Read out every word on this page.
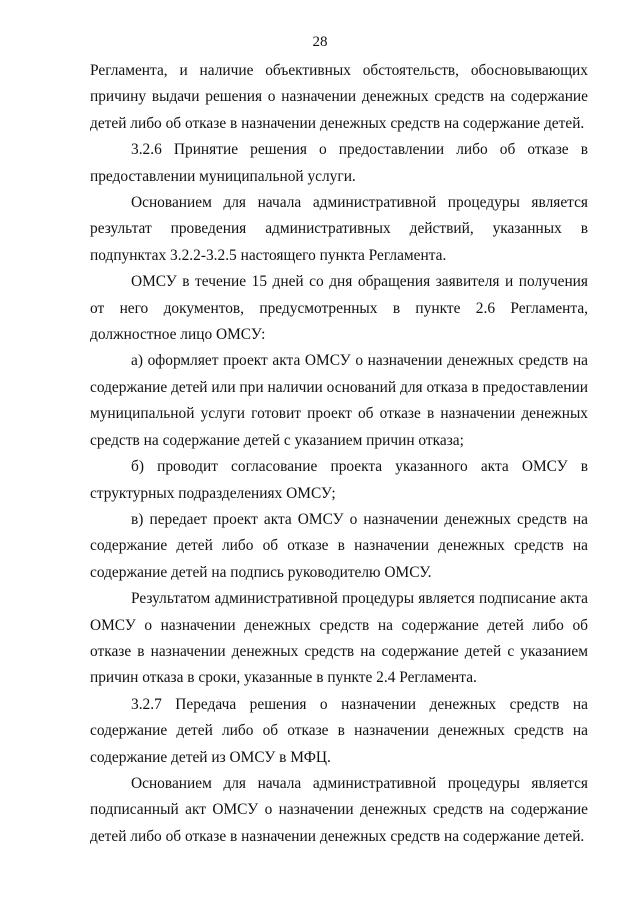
28

Регламента, и наличие объективных обстоятельств, обосновывающих причину выдачи решения о назначении денежных средств на содержание детей либо об отказе в назначении денежных средств на содержание детей.

3.2.6 Принятие решения о предоставлении либо об отказе в предоставлении муниципальной услуги.

Основанием для начала административной процедуры является результат проведения административных действий, указанных в подпунктах 3.2.2-3.2.5 настоящего пункта Регламента.

ОМСУ в течение 15 дней со дня обращения заявителя и получения от него документов, предусмотренных в пункте 2.6 Регламента, должностное лицо ОМСУ:

а) оформляет проект акта ОМСУ о назначении денежных средств на содержание детей или при наличии оснований для отказа в предоставлении муниципальной услуги готовит проект об отказе в назначении денежных средств на содержание детей с указанием причин отказа;

б) проводит согласование проекта указанного акта ОМСУ в структурных подразделениях ОМСУ;

в) передает проект акта ОМСУ о назначении денежных средств на содержание детей либо об отказе в назначении денежных средств на содержание детей на подпись руководителю ОМСУ.

Результатом административной процедуры является подписание акта ОМСУ о назначении денежных средств на содержание детей либо об отказе в назначении денежных средств на содержание детей с указанием причин отказа в сроки, указанные в пункте 2.4 Регламента.

3.2.7 Передача решения о назначении денежных средств на содержание детей либо об отказе в назначении денежных средств на содержание детей из ОМСУ в МФЦ.

Основанием для начала административной процедуры является подписанный акт ОМСУ о назначении денежных средств на содержание детей либо об отказе в назначении денежных средств на содержание детей.
